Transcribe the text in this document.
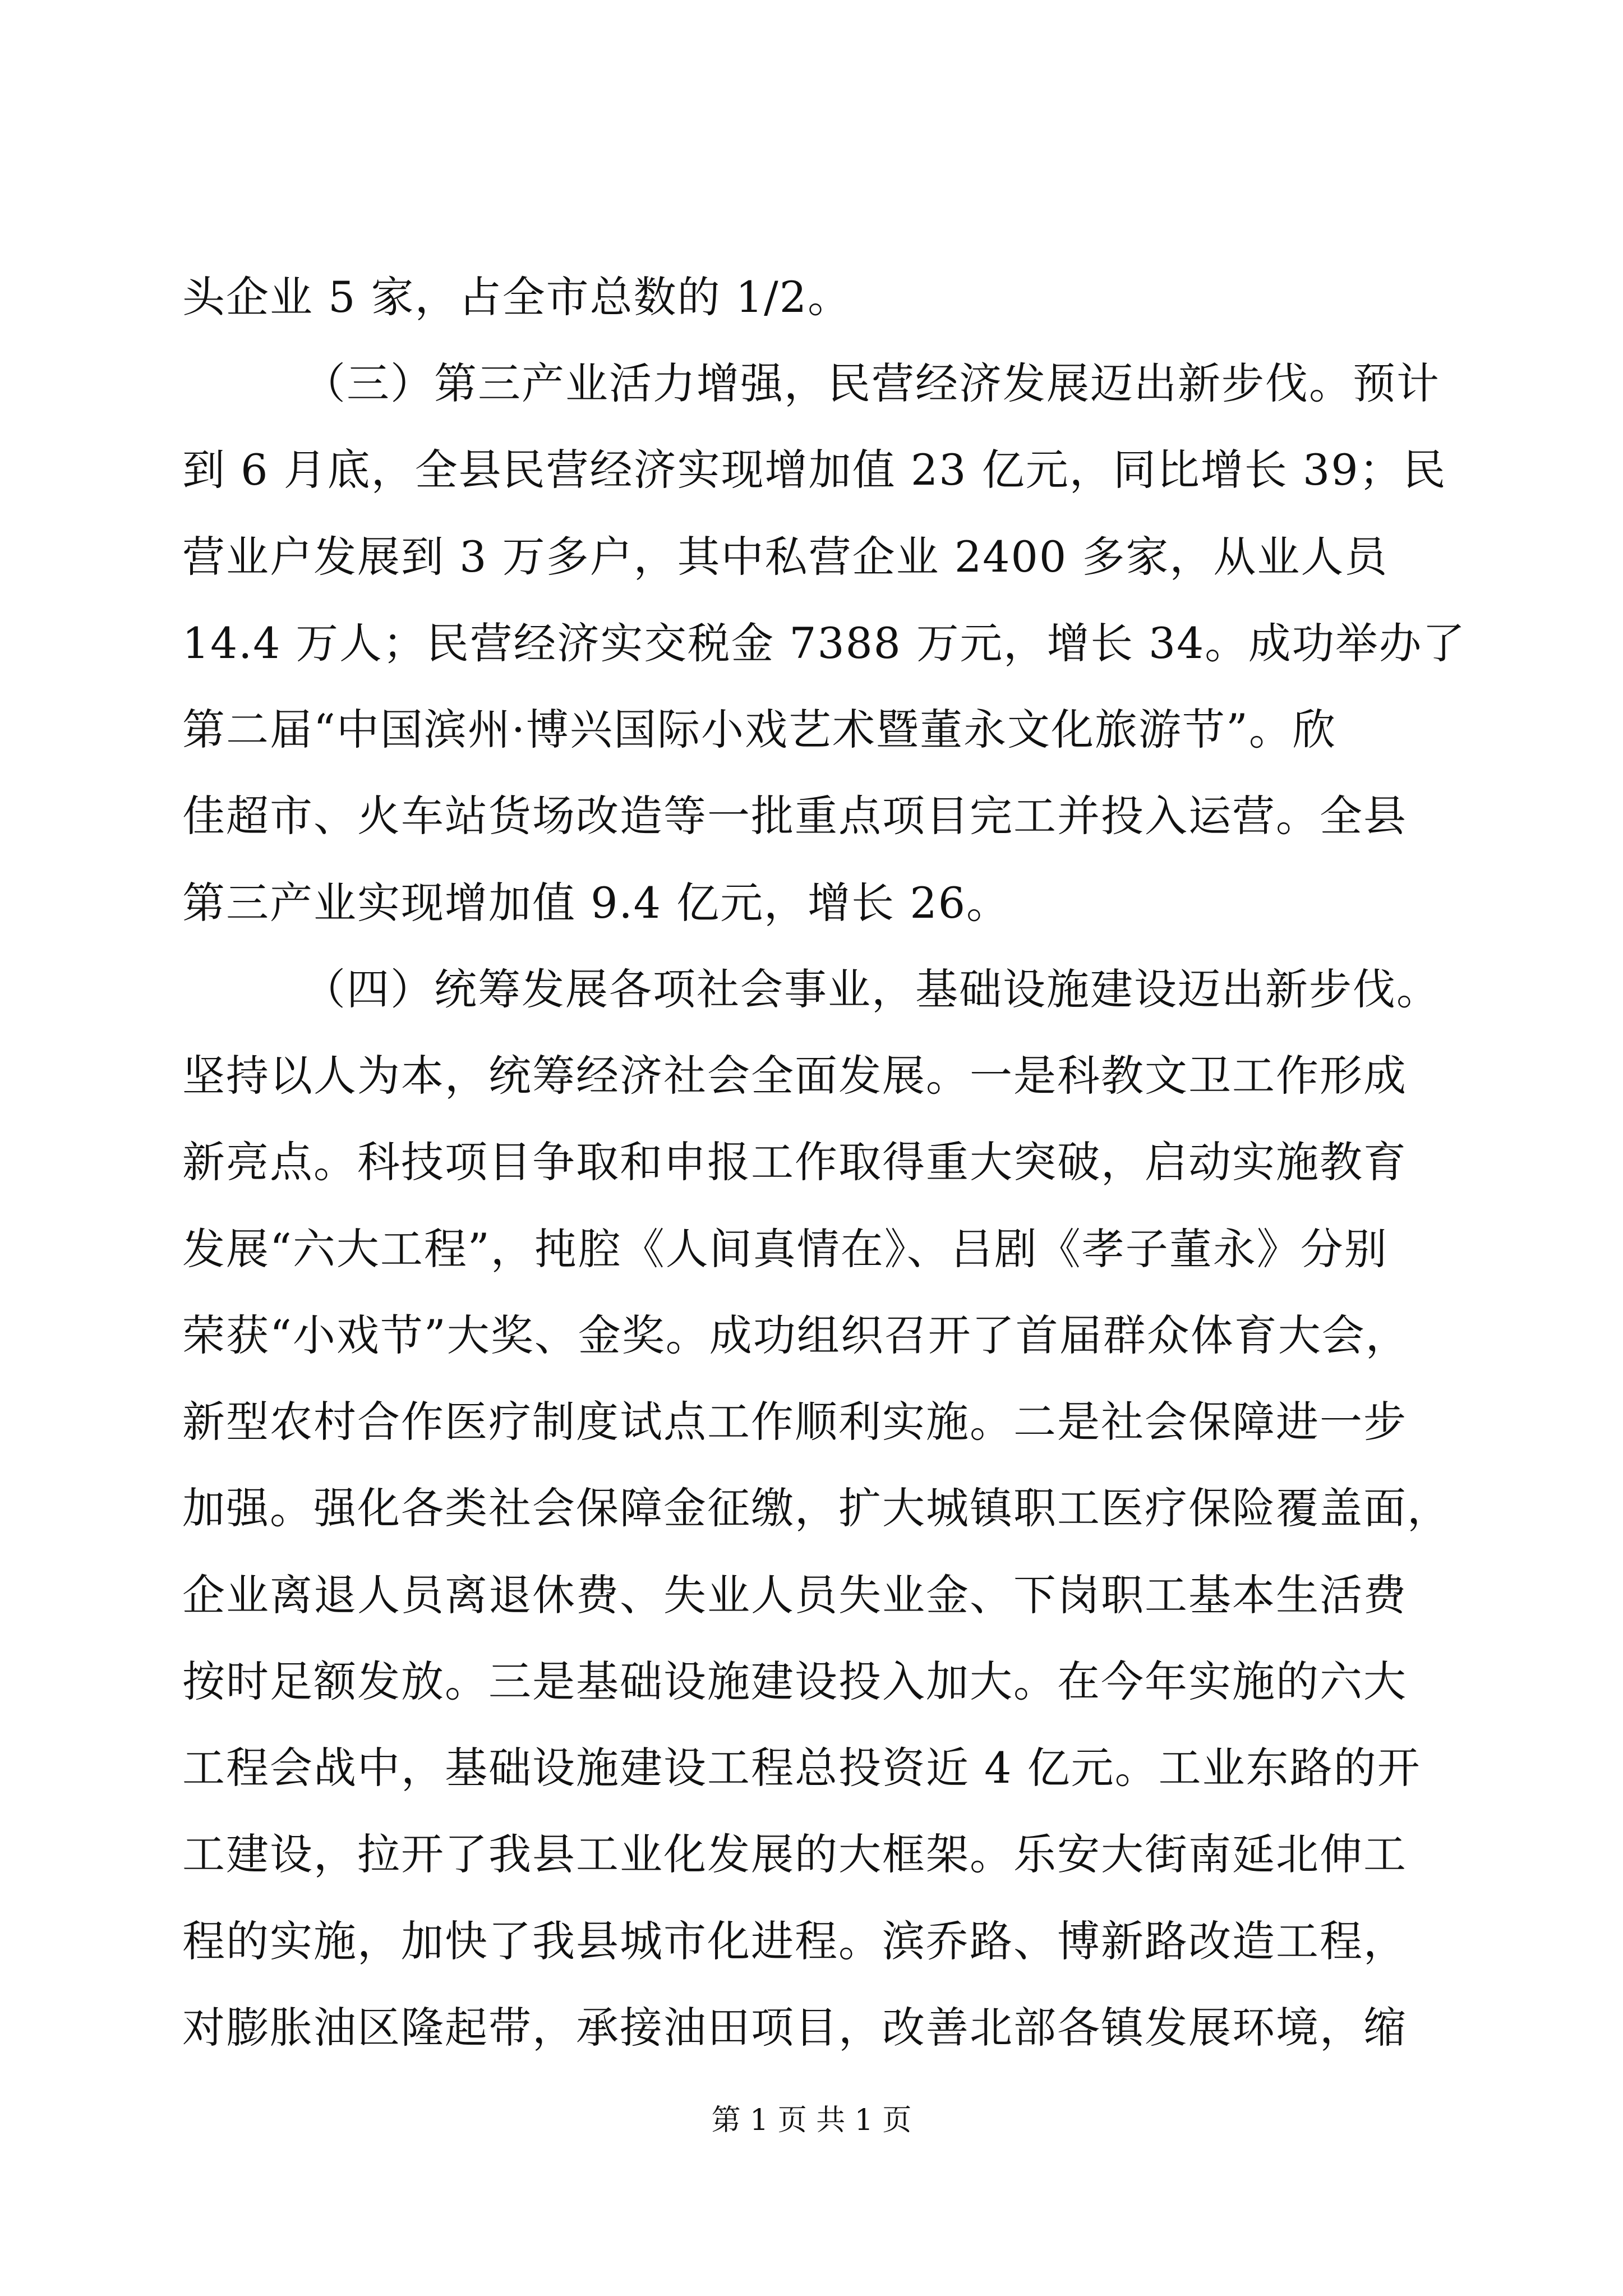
头企业 5 家，占全市总数的 1/2。
（三）第三产业活力增强，民营经济发展迈出新步伐。预计
到 6 月底，全县民营经济实现增加值 23 亿元，同比增长 39；民
营业户发展到 3 万多户，其中私营企业 2400 多家，从业人员
14.4 万人；民营经济实交税金 7388 万元，增长 34。成功举办了
第二届“中国滨州·博兴国际小戏艺术暨董永文化旅游节”。欣
佳超市、火车站货场改造等一批重点项目完工并投入运营。全县
第三产业实现增加值 9.4 亿元，增长 26。
（四）统筹发展各项社会事业，基础设施建设迈出新步伐。
坚持以人为本，统筹经济社会全面发展。一是科教文卫工作形成
新亮点。科技项目争取和申报工作取得重大突破，启动实施教育
发展“六大工程”，扽腔《人间真情在》、吕剧《孝子董永》分别
荣获“小戏节”大奖、金奖。成功组织召开了首届群众体育大会，
新型农村合作医疗制度试点工作顺利实施。二是社会保障进一步
加强。强化各类社会保障金征缴，扩大城镇职工医疗保险覆盖面，
企业离退人员离退休费、失业人员失业金、下岗职工基本生活费
按时足额发放。三是基础设施建设投入加大。在今年实施的六大
工程会战中，基础设施建设工程总投资近 4 亿元。工业东路的开
工建设，拉开了我县工业化发展的大框架。乐安大街南延北伸工
程的实施，加快了我县城市化进程。滨乔路、博新路改造工程，
对膨胀油区隆起带，承接油田项目，改善北部各镇发展环境，缩
第 1 页 共 1 页
